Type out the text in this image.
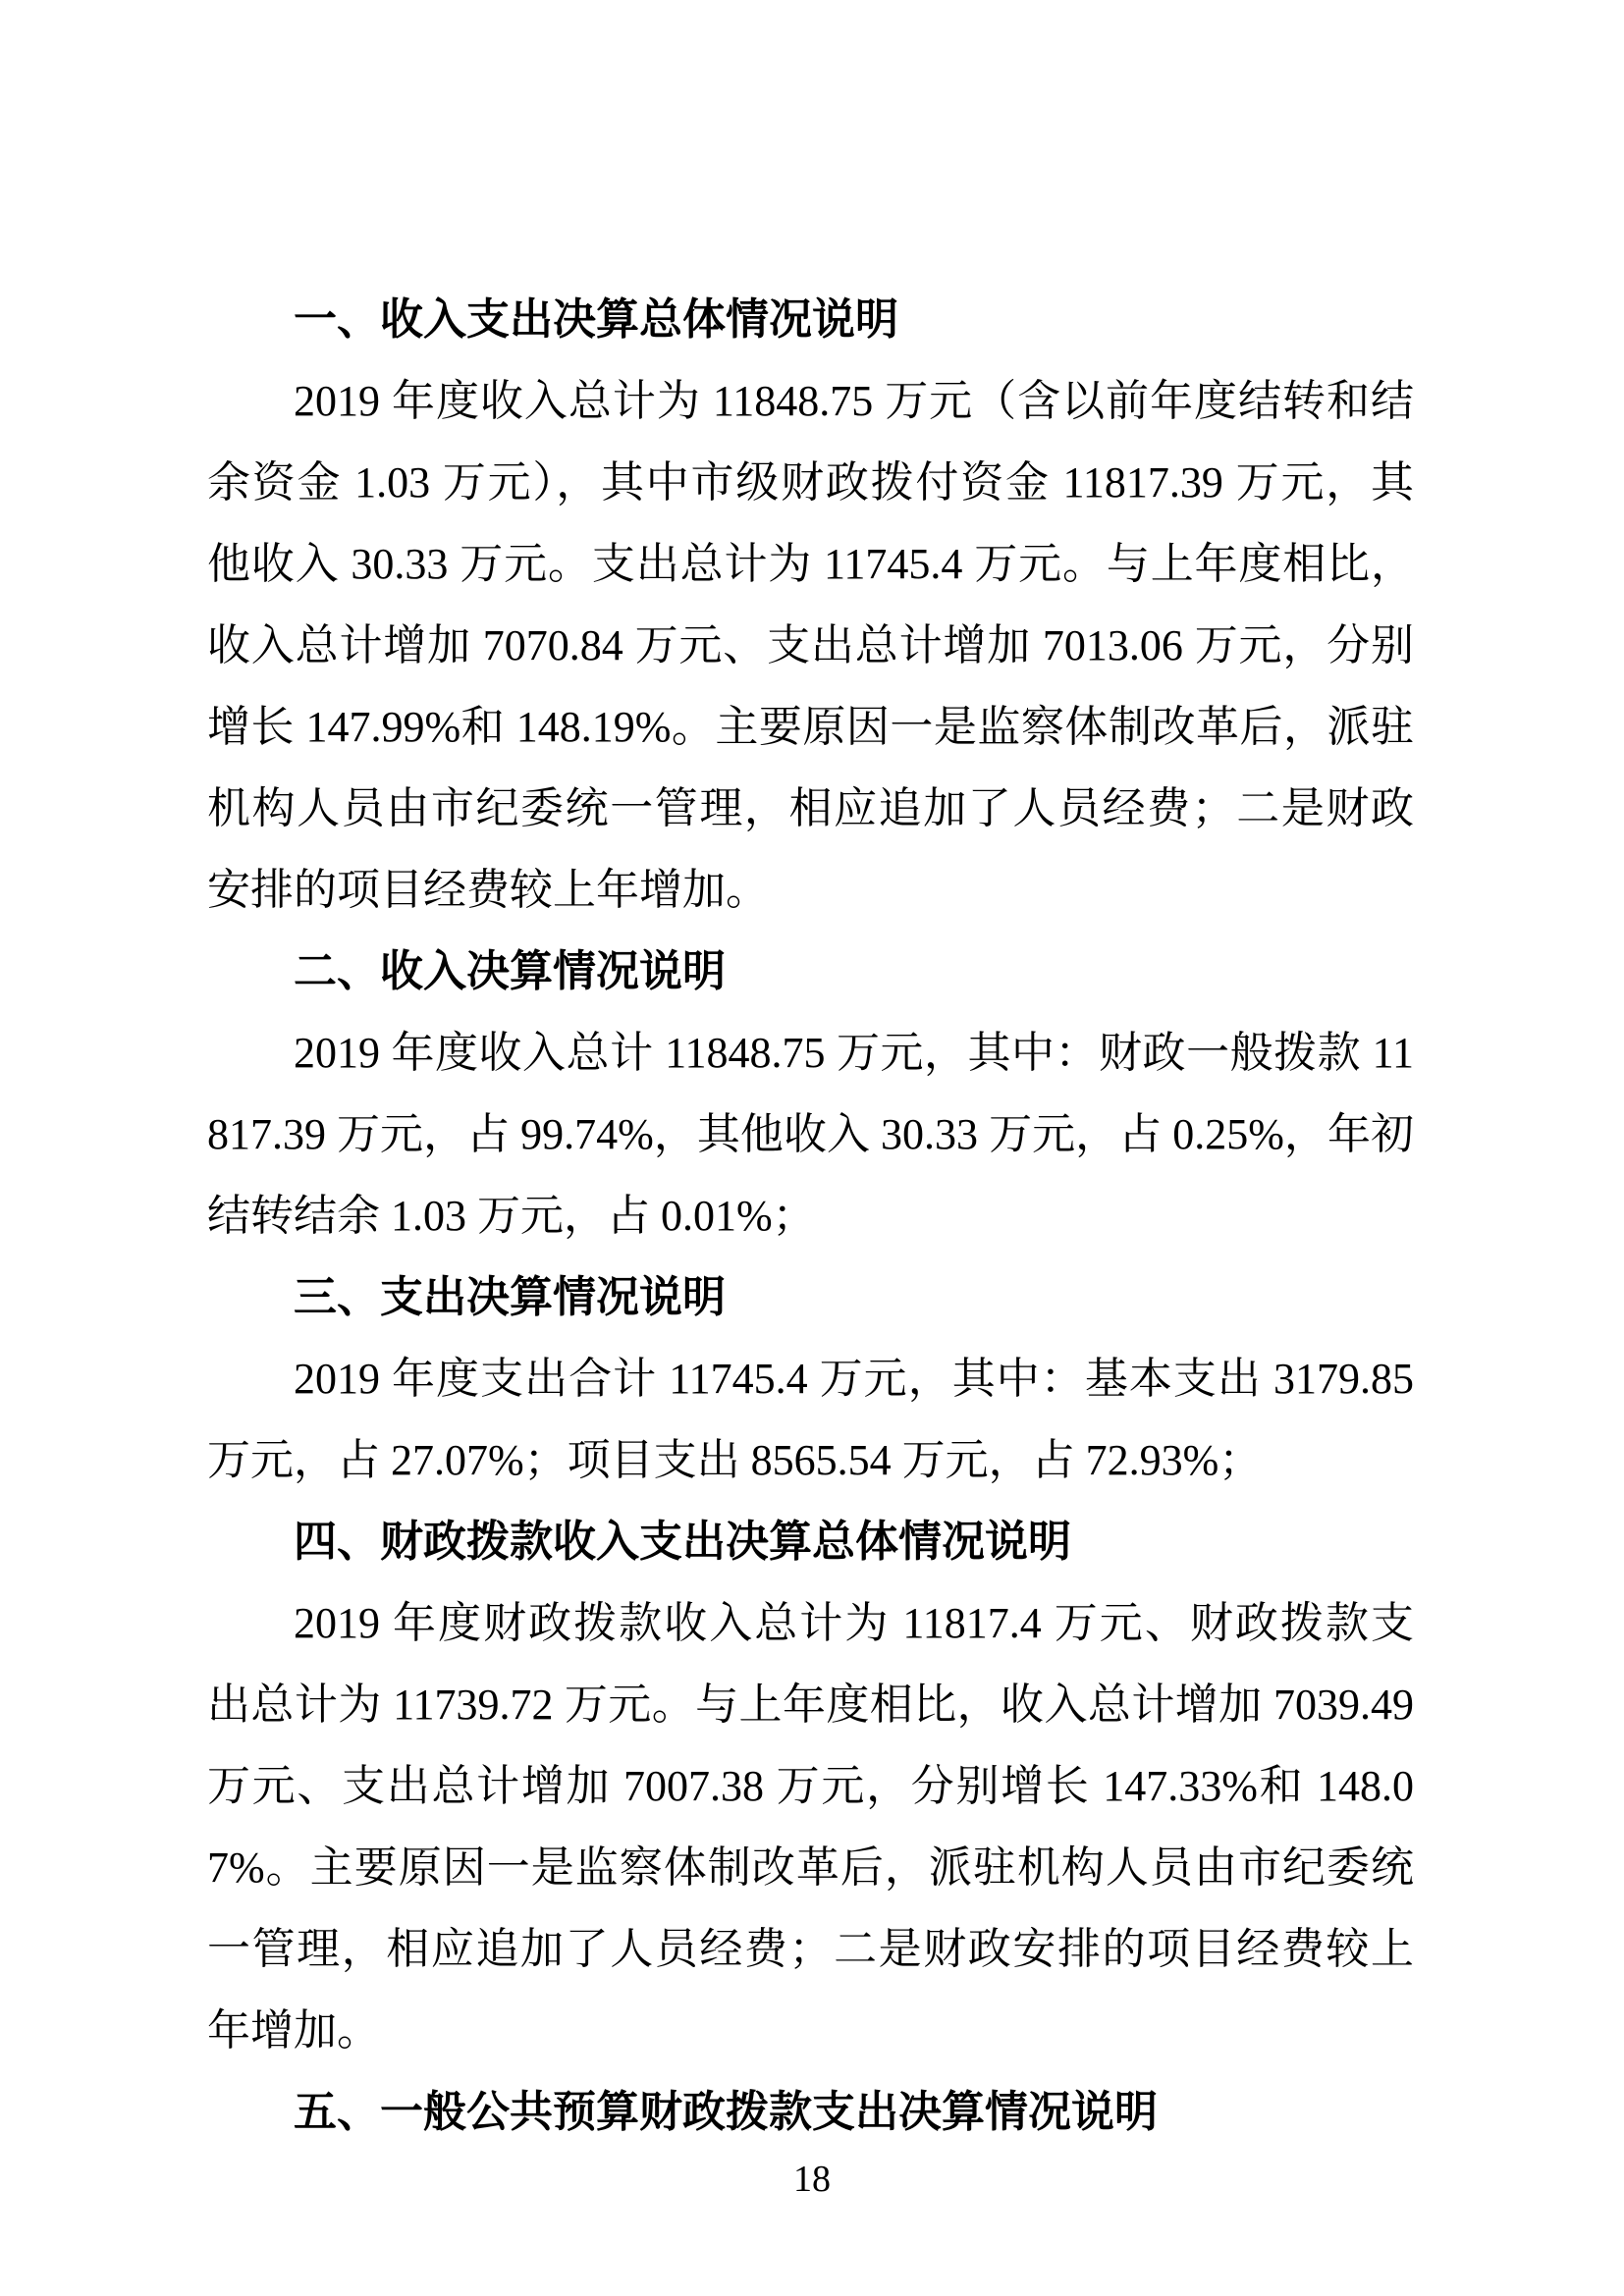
一、收入支出决算总体情况说明
2019 年度收入总计为 11848.75 万元（含以前年度结转和结余资金 1.03 万元），其中市级财政拨付资金 11817.39 万元，其他收入 30.33 万元。支出总计为 11745.4 万元。与上年度相比，收入总计增加 7070.84 万元、支出总计增加 7013.06 万元，分别增长 147.99%和 148.19%。主要原因一是监察体制改革后，派驻机构人员由市纪委统一管理，相应追加了人员经费；二是财政安排的项目经费较上年增加。
二、收入决算情况说明
2019 年度收入总计 11848.75 万元，其中：财政一般拨款 11817.39 万元，占 99.74%，其他收入 30.33 万元，占 0.25%，年初结转结余 1.03 万元，占 0.01%；
三、支出决算情况说明
2019 年度支出合计 11745.4 万元，其中：基本支出 3179.85 万元，占 27.07%；项目支出 8565.54 万元，占 72.93%；
四、财政拨款收入支出决算总体情况说明
2019 年度财政拨款收入总计为 11817.4 万元、财政拨款支出总计为 11739.72 万元。与上年度相比，收入总计增加 7039.49 万元、支出总计增加 7007.38 万元，分别增长 147.33%和 148.07%。主要原因一是监察体制改革后，派驻机构人员由市纪委统一管理，相应追加了人员经费；二是财政安排的项目经费较上年增加。
五、一般公共预算财政拨款支出决算情况说明
18
